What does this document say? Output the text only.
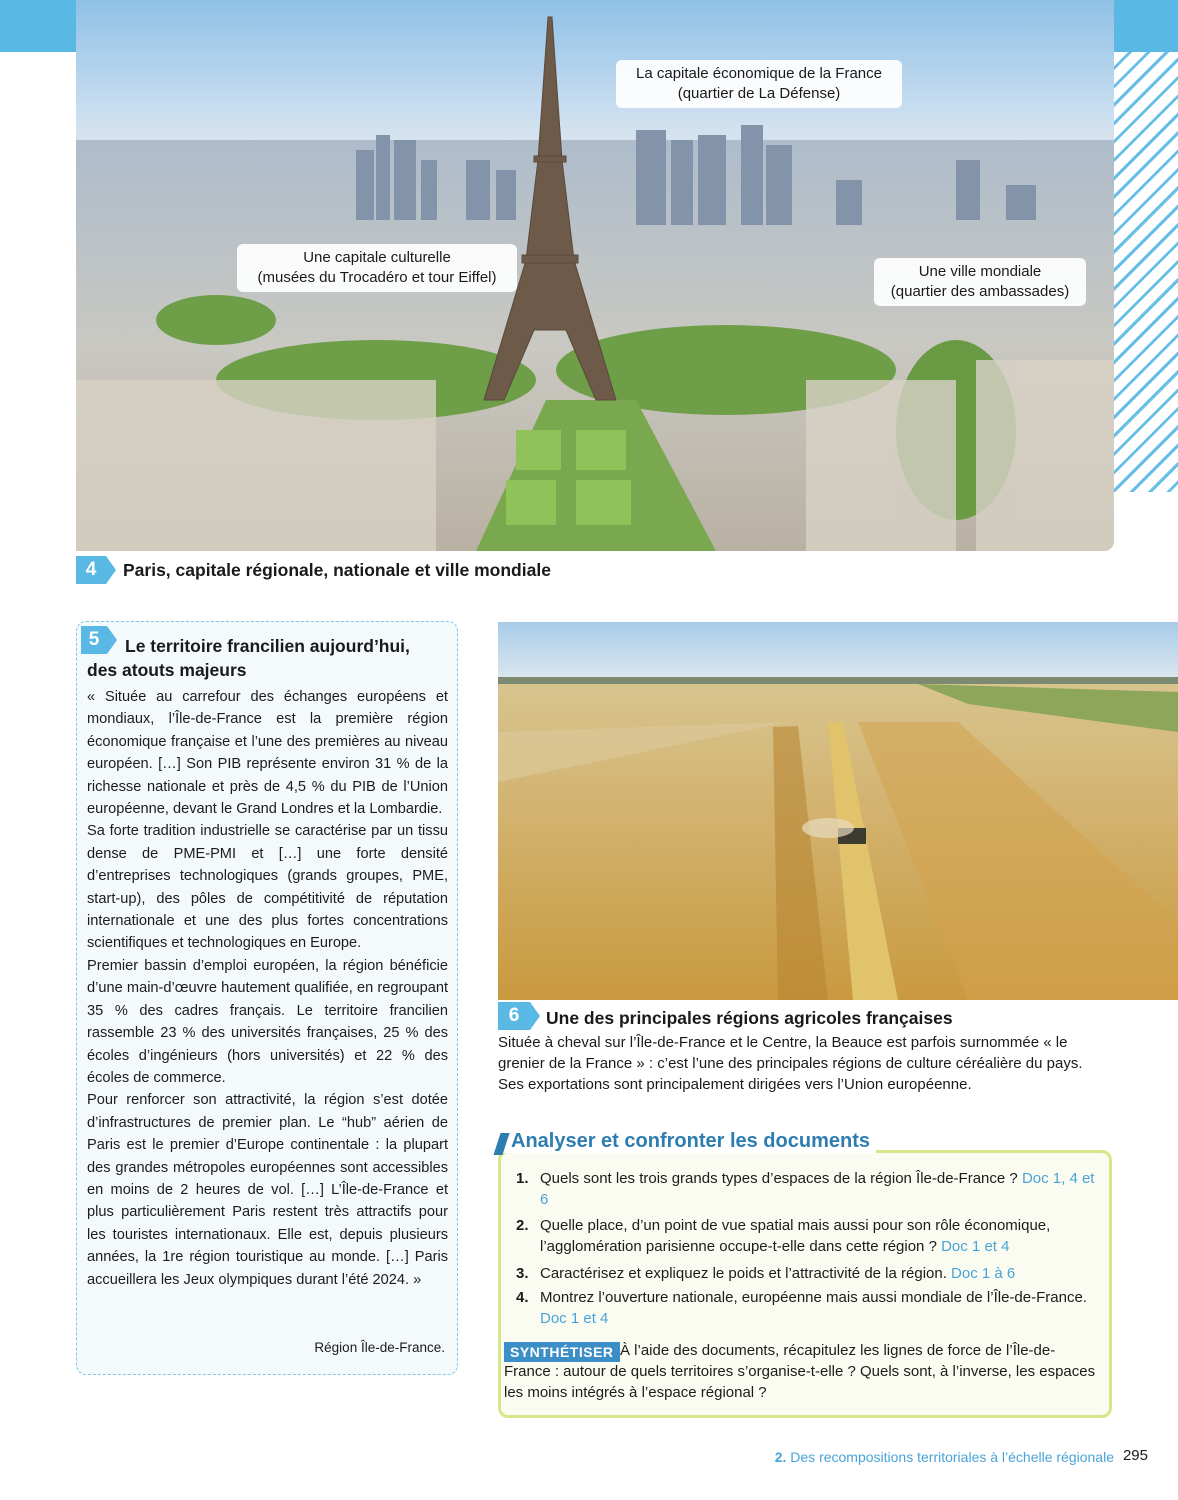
La capitale économique de la France
(quartier de La Défense)
Une capitale culturelle
(musées du Trocadéro et tour Eiffel)	Une ville mondiale
(quartier des ambassades)
4	Paris, capitale régionale, nationale et ville mondiale
5	Le territoire francilien aujourd’hui, des atouts majeurs

« Située au carrefour des échanges européens et mondiaux, l’Île-de-France est la première région économique française et l’une des premières au niveau européen. […] Son PIB représente environ 31 % de la richesse nationale et près de 4,5 % du PIB de l’Union européenne, devant le Grand Londres et la Lombardie.

Sa forte tradition industrielle se caractérise par un tissu dense de PME-PMI et […] une forte densité d’entreprises technologiques (grands groupes, PME, start-up), des pôles de compétitivité de réputation internationale et une des plus fortes concentrations scientifiques et technologiques en Europe.

Premier bassin d’emploi européen, la région bénéficie d’une main-d’œuvre hautement qualifiée, en regroupant 35 % des cadres français. Le territoire francilien rassemble 23 % des universités françaises, 25 % des écoles d’ingénieurs (hors universités) et 22 % des écoles de commerce.

Pour renforcer son attractivité, la région s’est dotée d’infrastructures de premier plan. Le “hub” aérien de Paris est le premier d’Europe continentale : la plupart des grandes métropoles européennes sont accessibles en moins de 2 heures de vol. […] L’Île-de-France et plus particulièrement Paris restent très attractifs pour les touristes internationaux. Elle est, depuis plusieurs années, la 1re région touristique au monde. […] Paris accueillera les Jeux olympiques durant l’été 2024. »

Région Île-de-France.
6	Une des principales régions agricoles françaises
Située à cheval sur l’Île-de-France et le Centre, la Beauce est parfois surnommée « le grenier de la France » : c’est l’une des principales régions de culture céréalière du pays. Ses exportations sont principalement dirigées vers l’Union européenne.
Analyser et confronter les documents
1. Quels sont les trois grands types d’espaces de la région Île-de-France ? Doc 1, 4 et 6
2. Quelle place, d’un point de vue spatial mais aussi pour son rôle économique, l’agglomération parisienne occupe-t-elle dans cette région ? Doc 1 et 4
3. Caractérisez et expliquez le poids et l’attractivité de la région. Doc 1 à 6
4. Montrez l’ouverture nationale, européenne mais aussi mondiale de l’Île-de-France. Doc 1 et 4
À l’aide des documents, récapitulez les lignes de force de l’Île-de-France : autour de quels territoires s’organise-t-elle ? Quels sont, à l’inverse, les espaces les moins intégrés à l’espace régional ?
SYNTHÉTISER
2. Des recompositions territoriales à l’échelle régionale 295
